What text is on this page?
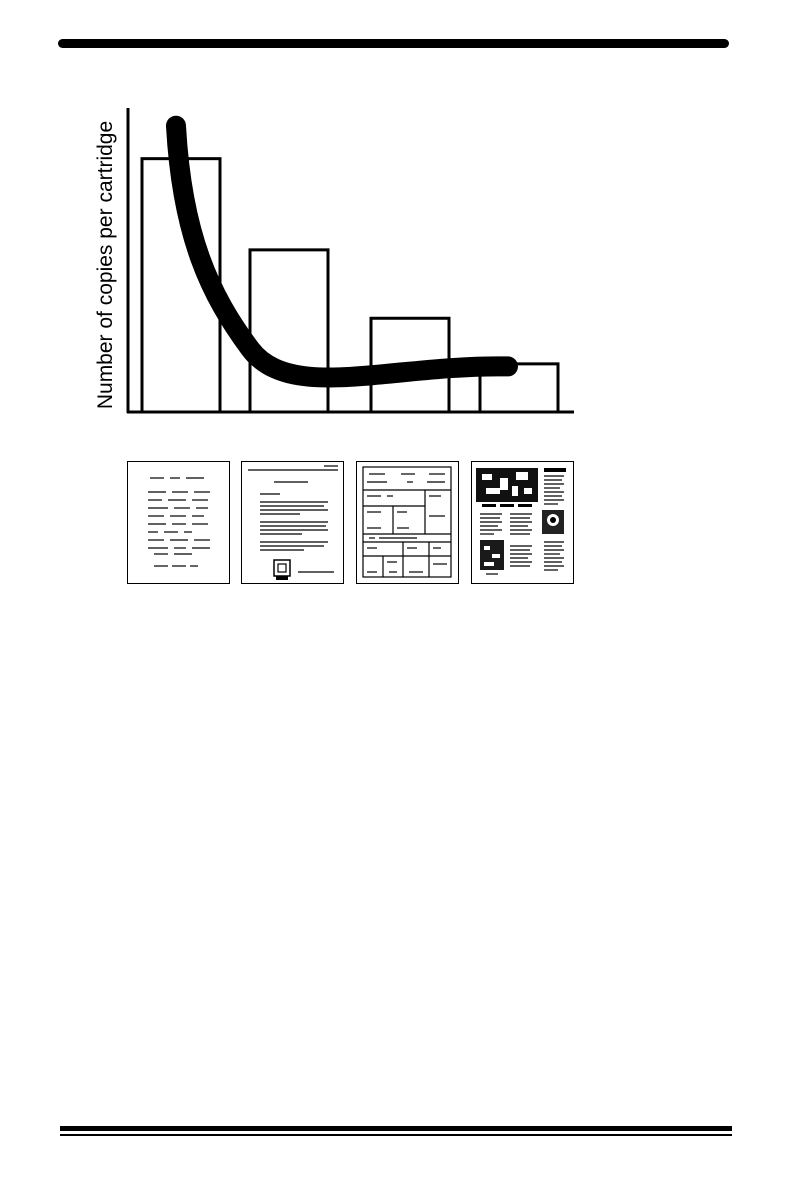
Number of copies per cartridge
